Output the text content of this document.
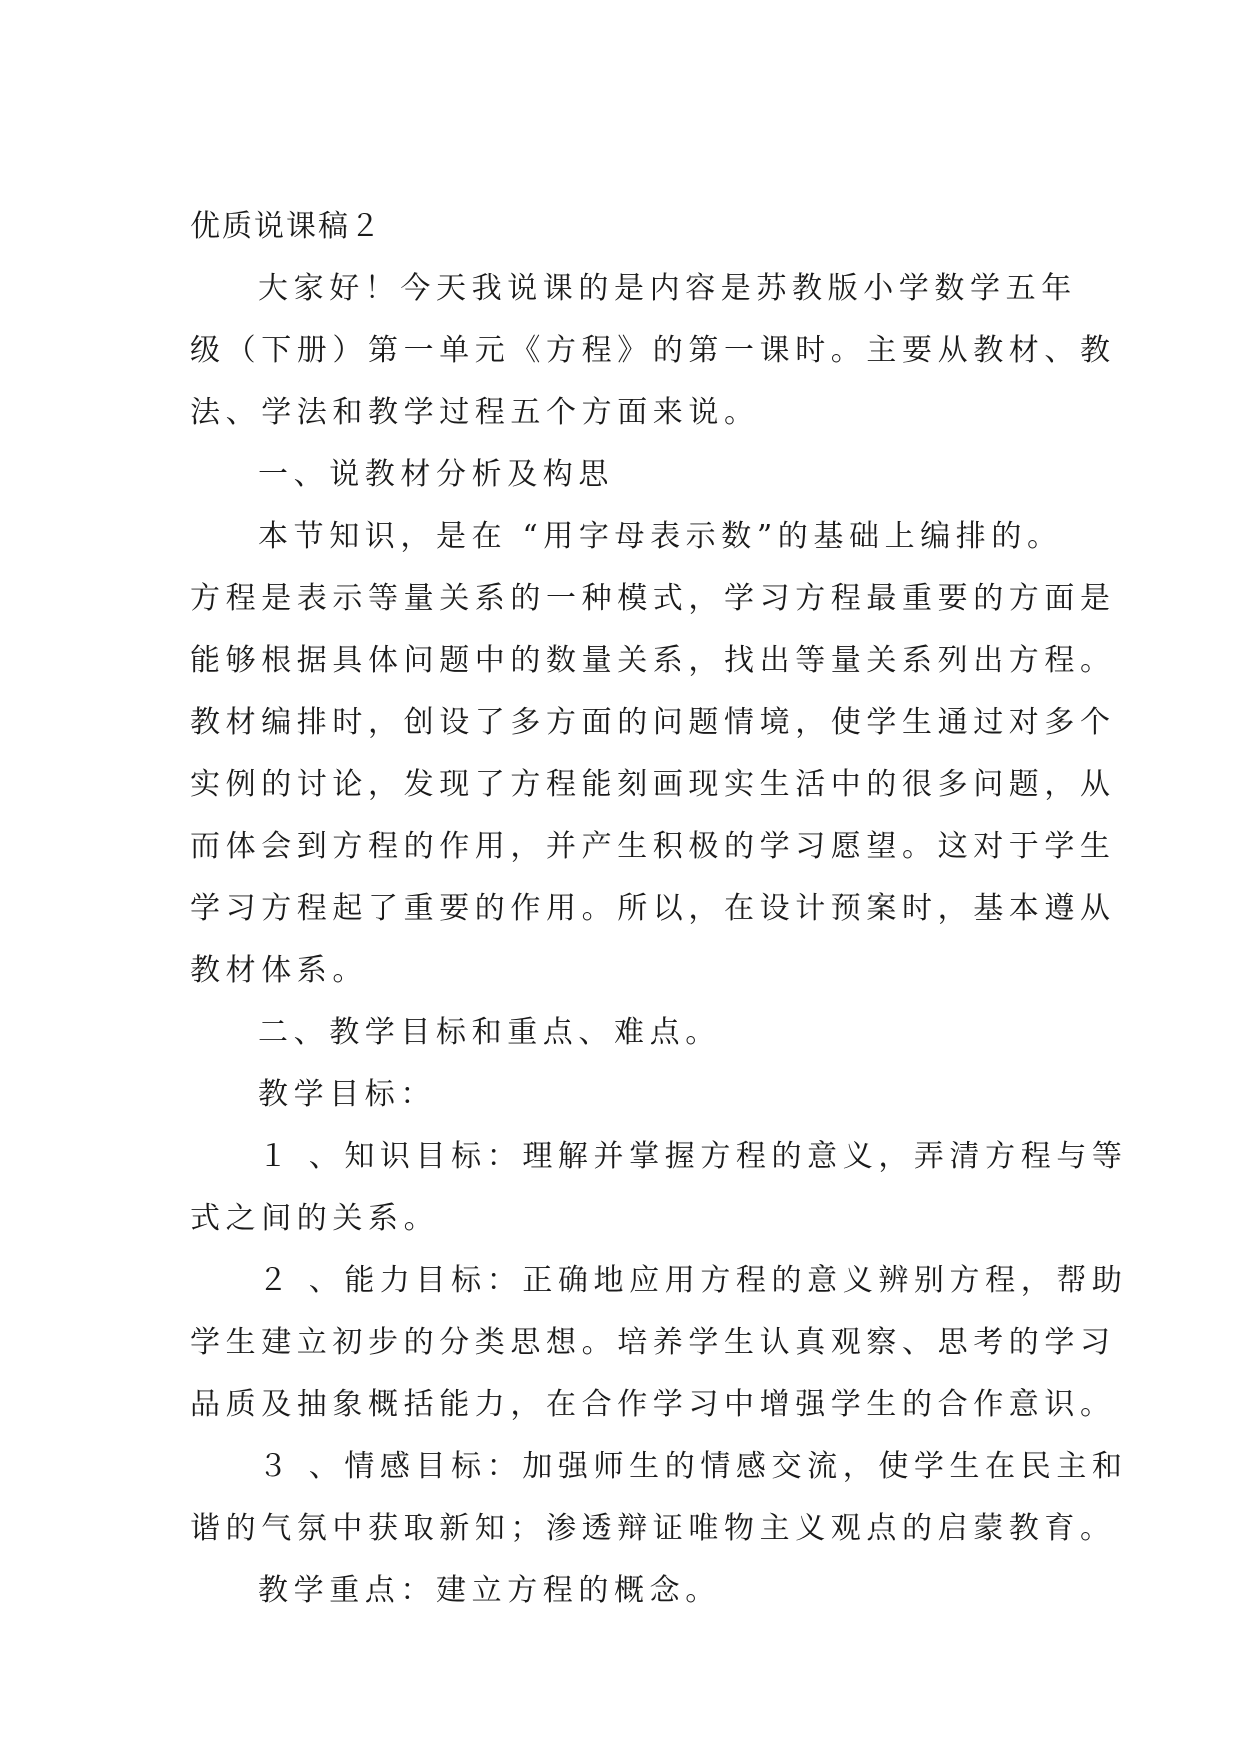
优质说课稿２
大家好！今天我说课的是内容是苏教版小学数学五年
级（下册）第一单元《方程》的第一课时。主要从教材、教
法、学法和教学过程五个方面来说。
一、说教材分析及构思
本节知识，是在 “用字母表示数”的基础上编排的。
方程是表示等量关系的一种模式，学习方程最重要的方面是
能够根据具体问题中的数量关系，找出等量关系列出方程。
教材编排时，创设了多方面的问题情境，使学生通过对多个
实例的讨论，发现了方程能刻画现实生活中的很多问题，从
而体会到方程的作用，并产生积极的学习愿望。这对于学生
学习方程起了重要的作用。所以，在设计预案时，基本遵从
教材体系。
二、教学目标和重点、难点。
教学目标：
１ 、知识目标：理解并掌握方程的意义，弄清方程与等
式之间的关系。
２ 、能力目标：正确地应用方程的意义辨别方程，帮助
学生建立初步的分类思想。培养学生认真观察、思考的学习
品质及抽象概括能力，在合作学习中增强学生的合作意识。
３ 、情感目标：加强师生的情感交流，使学生在民主和
谐的气氛中获取新知；渗透辩证唯物主义观点的启蒙教育。
教学重点：建立方程的概念。
